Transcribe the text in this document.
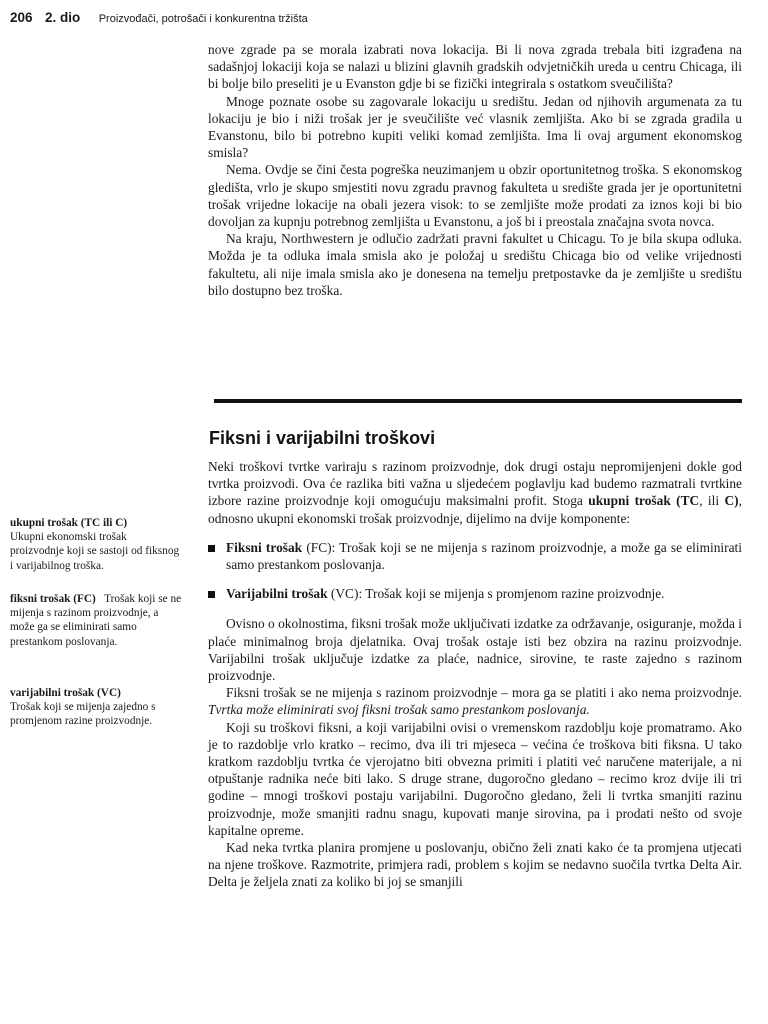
206 2. dio Proizvođači, potrošači i konkurentna tržišta

nove zgrade pa se morala izabrati nova lokacija. Bi li nova zgrada trebala biti izgrađena na sadašnjoj lokaciji koja se nalazi u blizini glavnih gradskih odvjetničkih ureda u centru Chicaga, ili bi bolje bilo preseliti je u Evanston gdje bi se fizički integrirala s ostatkom sveučilišta?

Mnoge poznate osobe su zagovarale lokaciju u središtu. Jedan od njihovih argumenata za tu lokaciju je bio i niži trošak jer je sveučilište već vlasnik zemljišta. Ako bi se zgrada gradila u Evanstonu, bilo bi potrebno kupiti veliki komad zemljišta. Ima li ovaj argument ekonomskog smisla?

Nema. Ovdje se čini česta pogreška neuzimanjem u obzir oportunitetnog troška. S ekonomskog gledišta, vrlo je skupo smjestiti novu zgradu pravnog fakulteta u središte grada jer je oportunitetni trošak vrijedne lokacije na obali jezera visok: to se zemljište može prodati za iznos koji bi bio dovoljan za kupnju potrebnog zemljišta u Evanstonu, a još bi i preostala značajna svota novca.

Na kraju, Northwestern je odlučio zadržati pravni fakultet u Chicagu. To je bila skupa odluka. Možda je ta odluka imala smisla ako je položaj u središtu Chicaga bio od velike vrijednosti fakultetu, ali nije imala smisla ako je donesena na temelju pretpostavke da je zemljište u središtu bilo dostupno bez troška.

Fiksni i varijabilni troškovi

Neki troškovi tvrtke variraju s razinom proizvodnje, dok drugi ostaju nepromijenjeni dokle god tvrtka proizvodi. Ova će razlika biti važna u sljedećem poglavlju kad budemo razmatrali tvrtkine izbore razine proizvodnje koji omogućuju maksimalni profit. Stoga ukupni trošak (TC, ili C), odnosno ukupni ekonomski trošak proizvodnje, dijelimo na dvije komponente:

Fiksni trošak (FC): Trošak koji se ne mijenja s razinom proizvodnje, a može ga se eliminirati samo prestankom poslovanja.
Varijabilni trošak (VC): Trošak koji se mijenja s promjenom razine proizvodnje.

Ovisno o okolnostima, fiksni trošak može uključivati izdatke za održavanje, osiguranje, možda i plaće minimalnog broja djelatnika. Ovaj trošak ostaje isti bez obzira na razinu proizvodnje. Varijabilni trošak uključuje izdatke za plaće, nadnice, sirovine, te raste zajedno s razinom proizvodnje.

Fiksni trošak se ne mijenja s razinom proizvodnje – mora ga se platiti i ako nema proizvodnje. Tvrtka može eliminirati svoj fiksni trošak samo prestankom poslovanja.

Koji su troškovi fiksni, a koji varijabilni ovisi o vremenskom razdoblju koje promatramo. Ako je to razdoblje vrlo kratko – recimo, dva ili tri mjeseca – većina će troškova biti fiksna. U tako kratkom razdoblju tvrtka će vjerojatno biti obvezna primiti i platiti već naručene materijale, a ni otpuštanje radnika neće biti lako. S druge strane, dugoročno gledano – recimo kroz dvije ili tri godine – mnogi troškovi postaju varijabilni. Dugoročno gledano, želi li tvrtka smanjiti razinu proizvodnje, može smanjiti radnu snagu, kupovati manje sirovina, pa i prodati nešto od svoje kapitalne opreme.

Kad neka tvrtka planira promjene u poslovanju, obično želi znati kako će ta promjena utjecati na njene troškove. Razmotrite, primjera radi, problem s kojim se nedavno suočila tvrtka Delta Air. Delta je željela znati za koliko bi joj se smanjili

ukupni trošak (TC ili C)
Ukupni ekonomski trošak proizvodnje koji se sastoji od fiksnog i varijabilnog troška.
fiksni trošak (FC) Trošak koji se ne mijenja s razinom proizvodnje, a može ga se eliminirati samo prestankom poslovanja.
varijabilni trošak (VC)
Trošak koji se mijenja zajedno s promjenom razine proizvodnje.
